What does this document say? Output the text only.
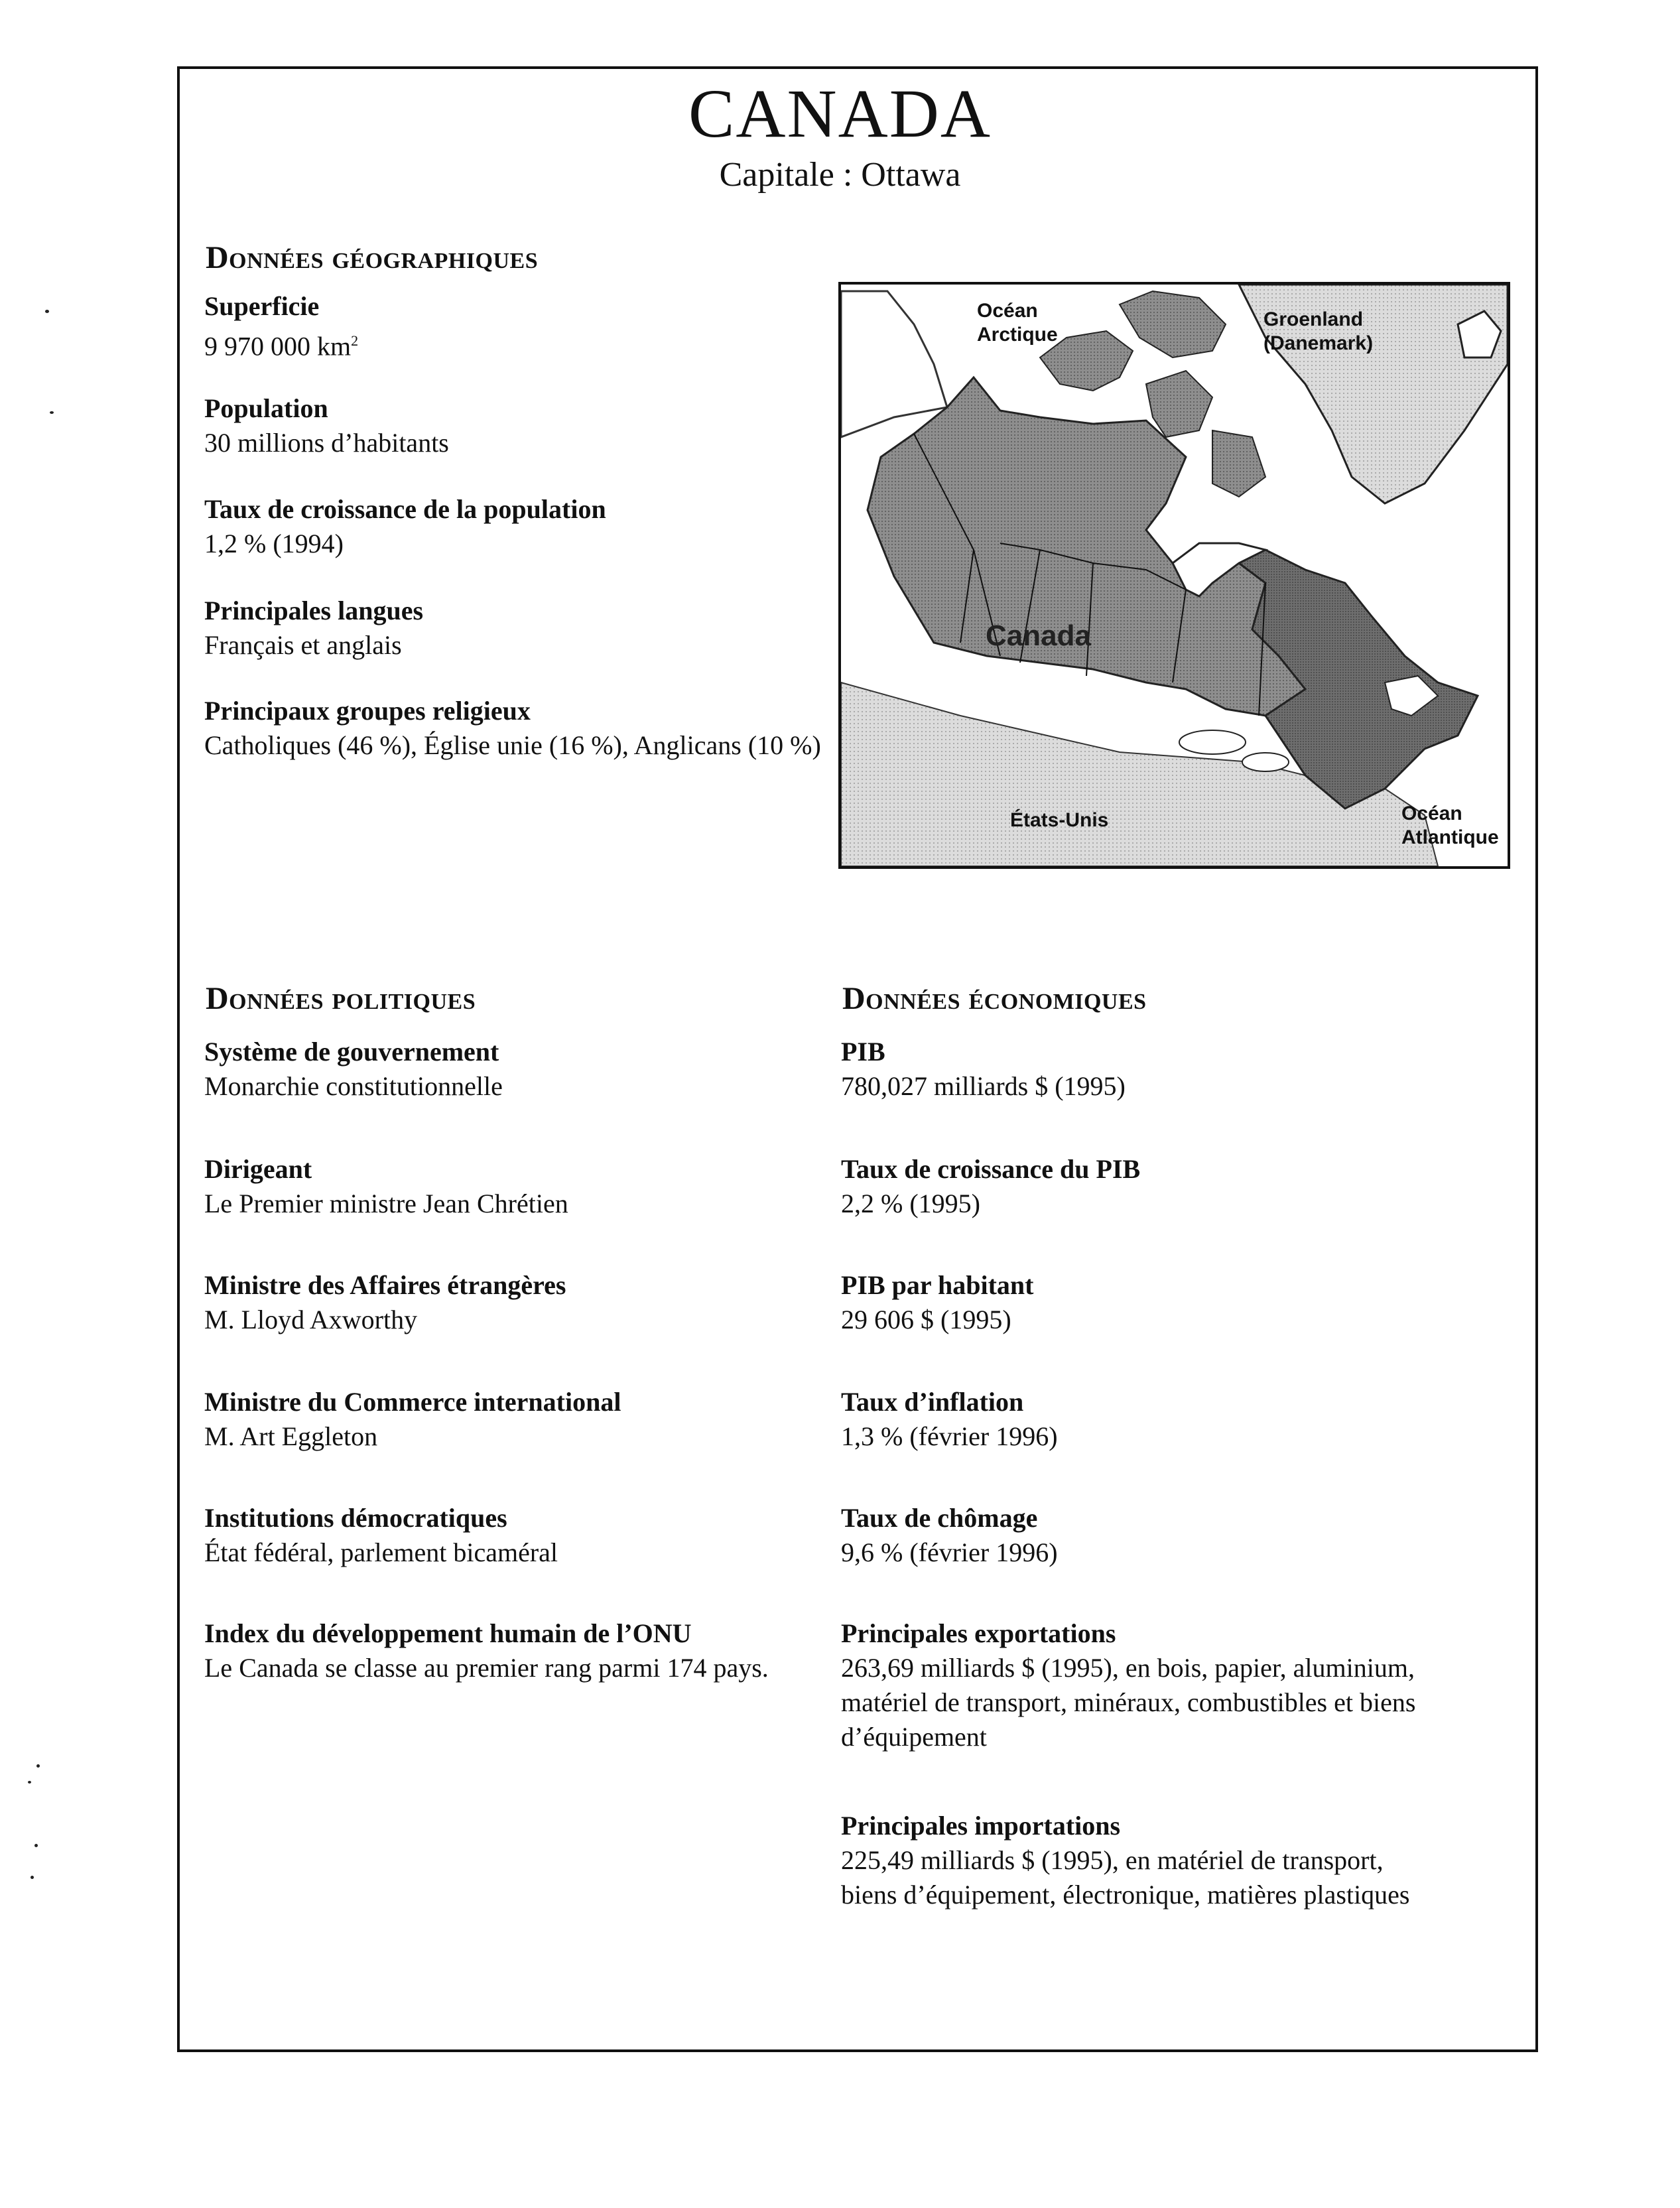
CANADA
Capitale : Ottawa
Données géographiques
Superficie
9 970 000 $km^2$
Population
30 millions d’habitants
Taux de croissance de la population
1,2 % (1994)
Principales langues
Français et anglais
Principaux groupes religieux
Catholiques (46 %), Église unie (16 %), Anglicans (10 %)
Océan
Arctique
Groenland
(Danemark)
Canada
États-Unis	Océan
Atlantique
Données politiques
Système de gouvernement
Monarchie constitutionnelle
Dirigeant
Le Premier ministre Jean Chrétien
Ministre des Affaires étrangères
M. Lloyd Axworthy
Ministre du Commerce international
M. Art Eggleton
Institutions démocratiques
État fédéral, parlement bicaméral
Index du développement humain de l’ONU
Le Canada se classe au premier rang parmi 174 pays.
Données économiques
PIB
780,027 milliards $ (1995)
Taux de croissance du PIB
2,2 % (1995)
PIB par habitant
29 606 $ (1995)
Taux d’inflation
1,3 % (février 1996)
Taux de chômage
9,6 % (février 1996)
Principales exportations
263,69 milliards $ (1995), en bois, papier, aluminium, matériel de transport, minéraux, combustibles et biens d’équipement
Principales importations
225,49 milliards $ (1995), en matériel de transport, biens d’équipement, électronique, matières plastiques
